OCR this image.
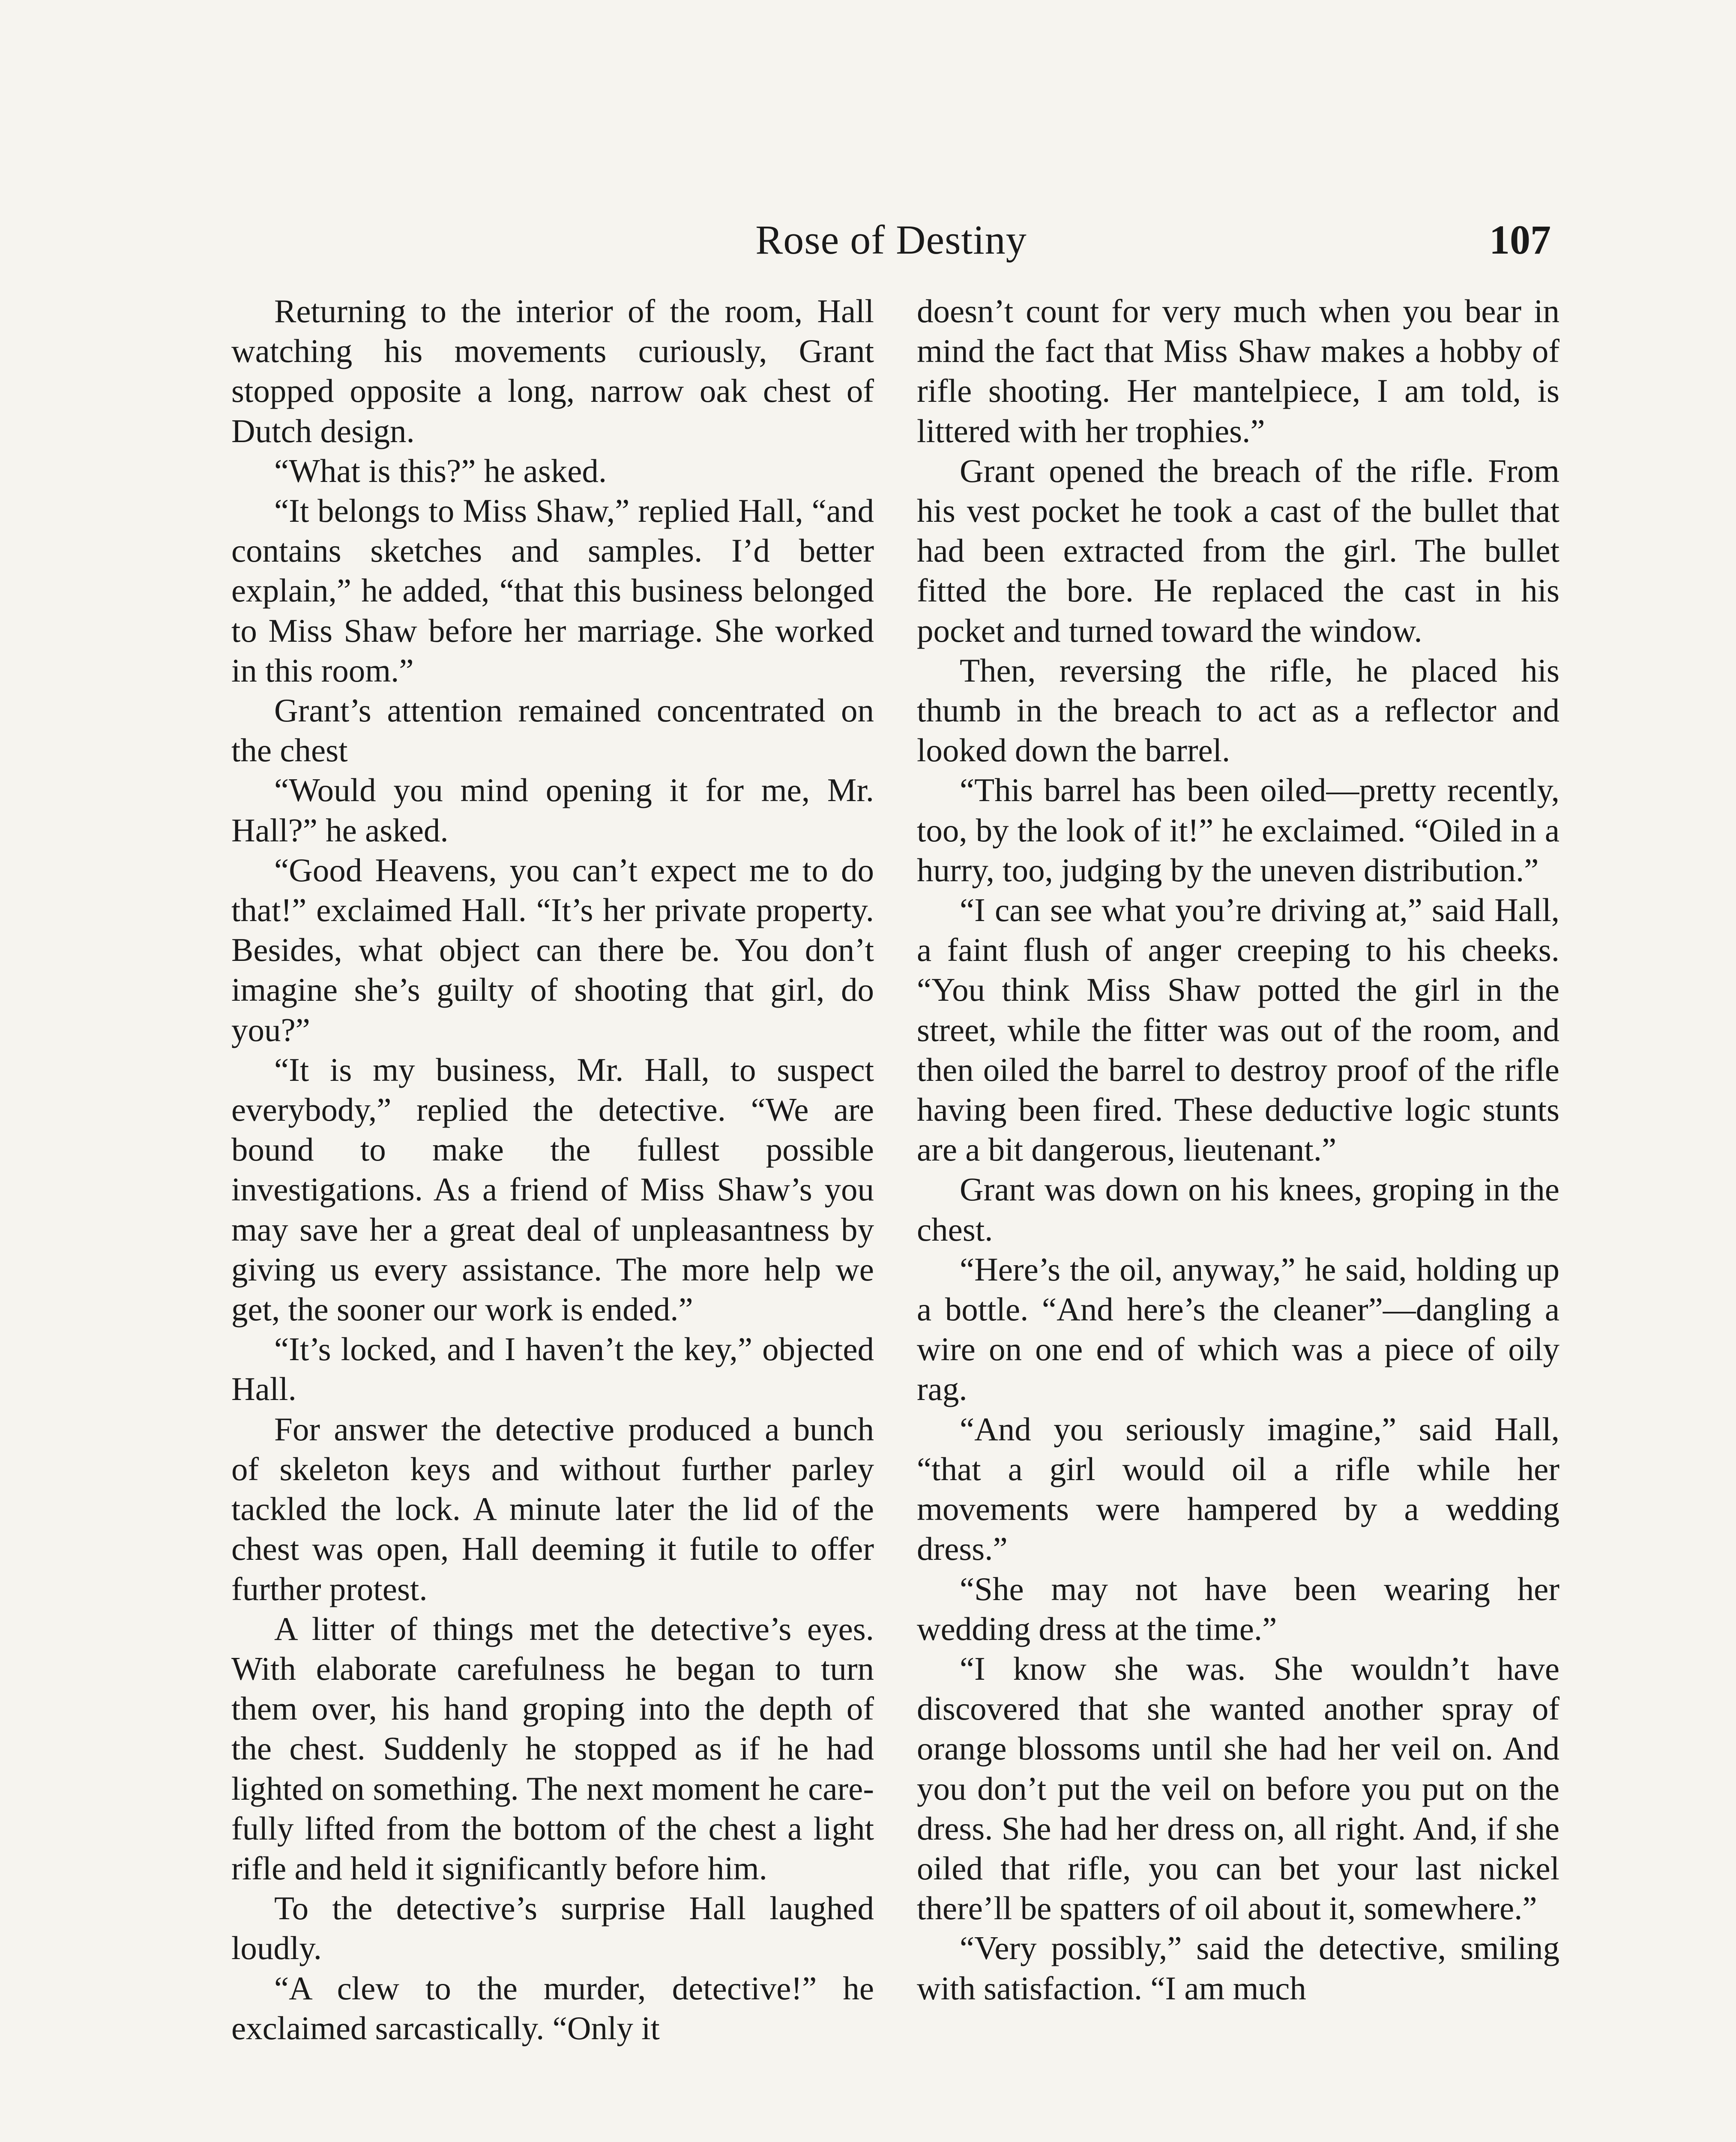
Rose of Destiny	107

Returning to the interior of the room, Hall watching his movements curiously, Grant stopped opposite a long, narrow oak chest of Dutch design.

“What is this?” he asked.

“It belongs to Miss Shaw,” replied Hall, “and contains sketches and samples. I’d better explain,” he added, “that this business belonged to Miss Shaw before her marriage. She worked in this room.”

Grant’s attention remained concentrated on the chest

“Would you mind opening it for me, Mr. Hall?” he asked.

“Good Heavens, you can’t expect me to do that!” exclaimed Hall. “It’s her private property. Besides, what object can there be. You don’t imagine she’s guilty of shooting that girl, do you?”

“It is my business, Mr. Hall, to suspect everybody,” replied the detective. “We are bound to make the fullest possible investigations. As a friend of Miss Shaw’s you may save her a great deal of unpleasantness by giving us every assistance. The more help we get, the sooner our work is ended.”

“It’s locked, and I haven’t the key,” objected Hall.

For answer the detective produced a bunch of skeleton keys and without further parley tackled the lock. A minute later the lid of the chest was open, Hall deeming it futile to offer further protest.

A litter of things met the detective’s eyes. With elaborate carefulness he began to turn them over, his hand groping into the depth of the chest. Suddenly he stopped as if he had lighted on something. The next moment he carefully lifted from the bottom of the chest a light rifle and held it significantly before him.

To the detective’s surprise Hall laughed loudly.

“A clew to the murder, detective!” he exclaimed sarcastically. “Only it

doesn’t count for very much when you bear in mind the fact that Miss Shaw makes a hobby of rifle shooting. Her mantelpiece, I am told, is littered with her trophies.”

Grant opened the breach of the rifle. From his vest pocket he took a cast of the bullet that had been extracted from the girl. The bullet fitted the bore. He replaced the cast in his pocket and turned toward the window.

Then, reversing the rifle, he placed his thumb in the breach to act as a reflector and looked down the barrel.

“This barrel has been oiled—pretty recently, too, by the look of it!” he exclaimed. “Oiled in a hurry, too, judging by the uneven distribution.”

“I can see what you’re driving at,” said Hall, a faint flush of anger creeping to his cheeks. “You think Miss Shaw potted the girl in the street, while the fitter was out of the room, and then oiled the barrel to destroy proof of the rifle having been fired. These deductive logic stunts are a bit dangerous, lieutenant.”

Grant was down on his knees, groping in the chest.

“Here’s the oil, anyway,” he said, holding up a bottle. “And here’s the cleaner”—dangling a wire on one end of which was a piece of oily rag.

“And you seriously imagine,” said Hall, “that a girl would oil a rifle while her movements were hampered by a wedding dress.”

“She may not have been wearing her wedding dress at the time.”

“I know she was. She wouldn’t have discovered that she wanted another spray of orange blossoms until she had her veil on. And you don’t put the veil on before you put on the dress. She had her dress on, all right. And, if she oiled that rifle, you can bet your last nickel there’ll be spatters of oil about it, somewhere.”

“Very possibly,” said the detective, smiling with satisfaction. “I am much
